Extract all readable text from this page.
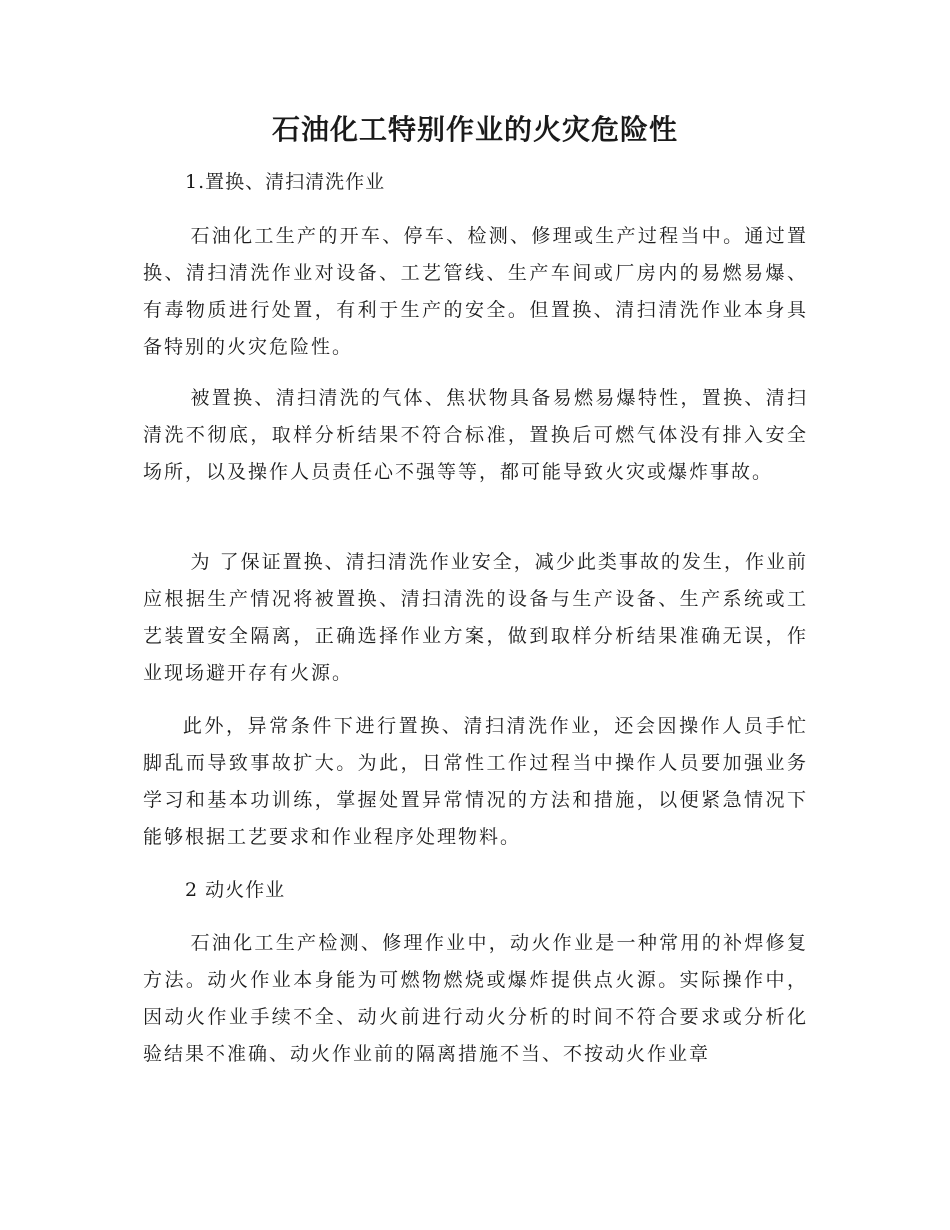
石油化工特别作业的火灾危险性

1.置换、清扫清洗作业

石油化工生产的开车、停车、检测、修理或生产过程当中。通过置换、清扫清洗作业对设备、工艺管线、生产车间或厂房内的易燃易爆、有毒物质进行处置，有利于生产的安全。但置换、清扫清洗作业本身具备特别的火灾危险性。

被置换、清扫清洗的气体、焦状物具备易燃易爆特性，置换、清扫清洗不彻底，取样分析结果不符合标准，置换后可燃气体没有排入安全场所，以及操作人员责任心不强等等，都可能导致火灾或爆炸事故。

为 了保证置换、清扫清洗作业安全，减少此类事故的发生，作业前应根据生产情况将被置换、清扫清洗的设备与生产设备、生产系统或工艺装置安全隔离，正确选择作业方案，做到取样分析结果准确无误，作业现场避开存有火源。

此外，异常条件下进行置换、清扫清洗作业，还会因操作人员手忙脚乱而导致事故扩大。为此，日常性工作过程当中操作人员要加强业务学习和基本功训练，掌握处置异常情况的方法和措施，以便紧急情况下能够根据工艺要求和作业程序处理物料。

2 动火作业

石油化工生产检测、修理作业中，动火作业是一种常用的补焊修复方法。动火作业本身能为可燃物燃烧或爆炸提供点火源。实际操作中，因动火作业手续不全、动火前进行动火分析的时间不符合要求或分析化验结果不准确、动火作业前的隔离措施不当、不按动火作业章
